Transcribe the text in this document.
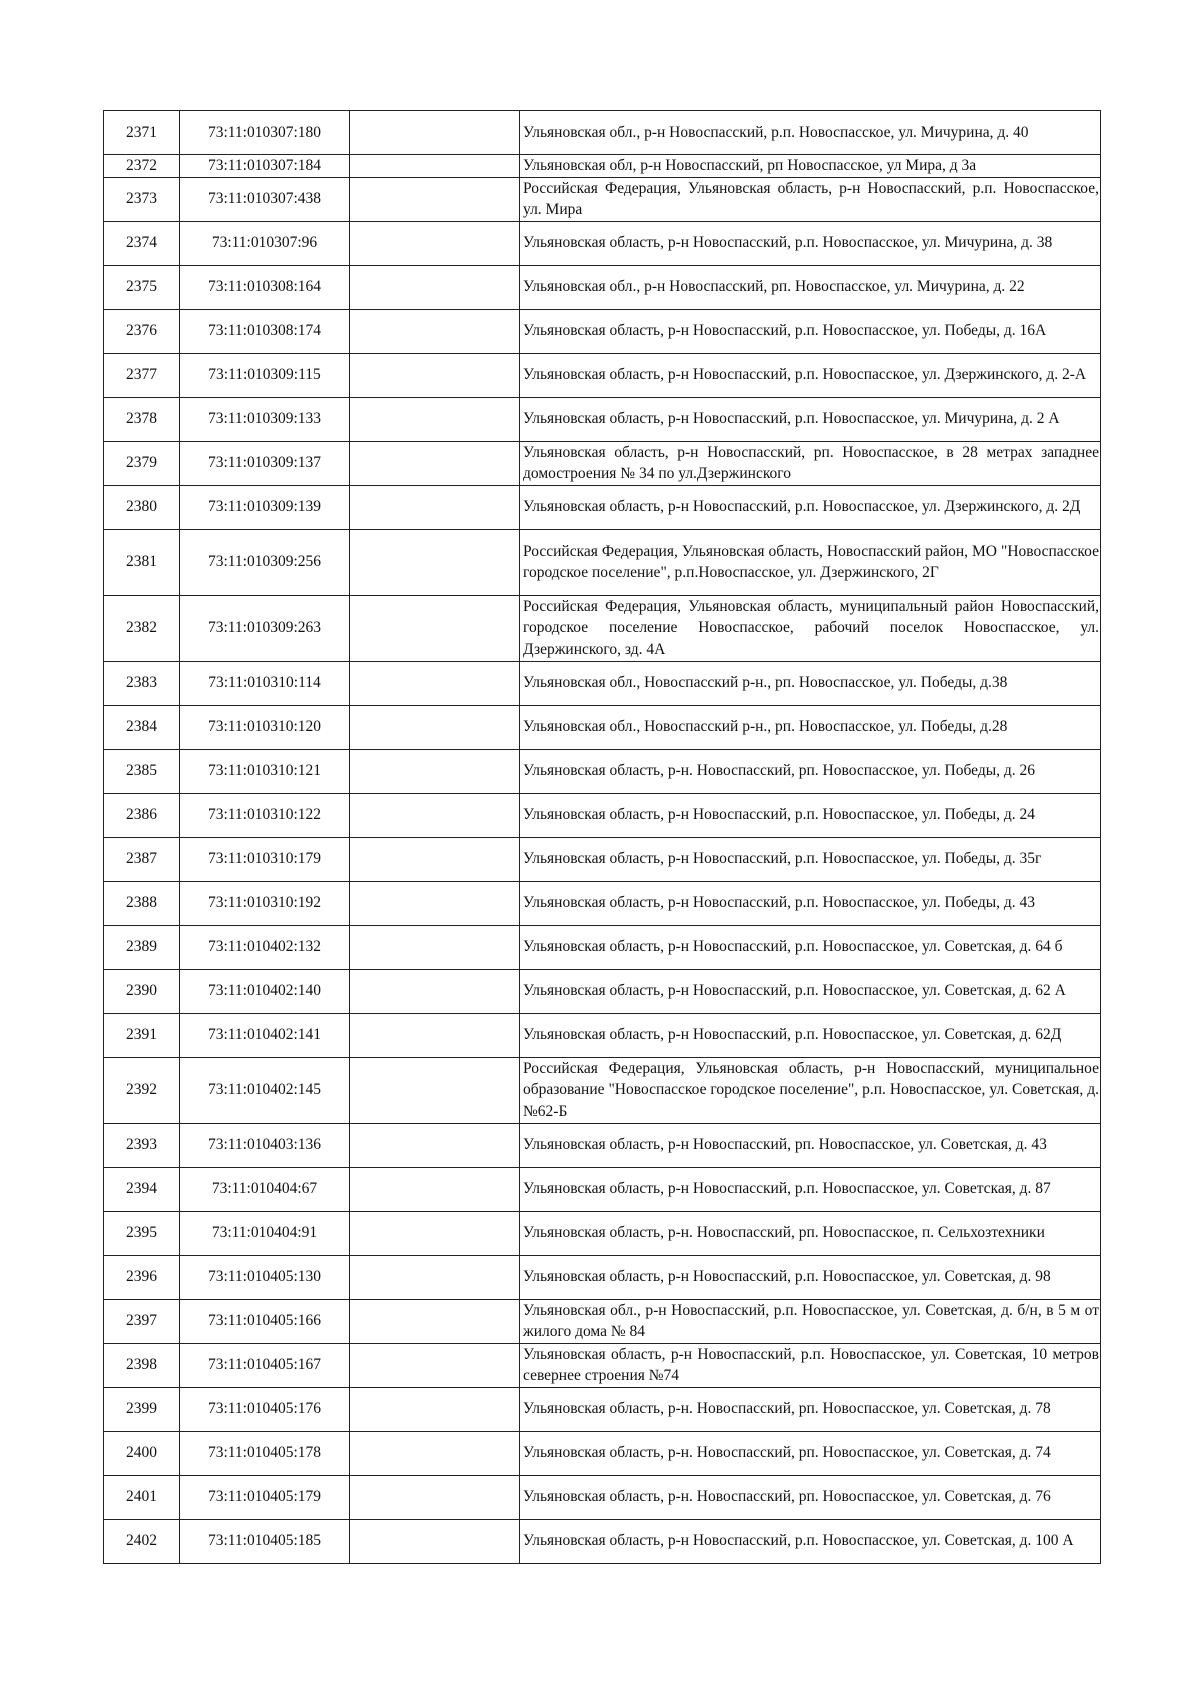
2371	73:11:010307:180		Ульяновская обл., р-н Новоспасский, р.п. Новоспасское, ул. Мичурина, д. 40
2372	73:11:010307:184		Ульяновская обл, р-н Новоспасский, рп Новоспасское, ул Мира, д 3а
2373	73:11:010307:438		Российская Федерация, Ульяновская область, р-н Новоспасский, р.п. Новоспасское, ул. Мира
2374	73:11:010307:96		Ульяновская область, р-н Новоспасский, р.п. Новоспасское, ул. Мичурина, д. 38
2375	73:11:010308:164		Ульяновская обл., р-н Новоспасский, рп. Новоспасское, ул. Мичурина, д. 22
2376	73:11:010308:174		Ульяновская область, р-н Новоспасский, р.п. Новоспасское, ул. Победы, д. 16А
2377	73:11:010309:115		Ульяновская область, р-н Новоспасский, р.п. Новоспасское, ул. Дзержинского, д. 2-А
2378	73:11:010309:133		Ульяновская область, р-н Новоспасский, р.п. Новоспасское, ул. Мичурина, д. 2 А
2379	73:11:010309:137		Ульяновская область, р-н Новоспасский, рп. Новоспасское, в 28 метрах западнее домостроения № 34 по ул.Дзержинского
2380	73:11:010309:139		Ульяновская область, р-н Новоспасский, р.п. Новоспасское, ул. Дзержинского, д. 2Д
2381	73:11:010309:256		Российская Федерация, Ульяновская область, Новоспасский район, МО "Новоспасское городское поселение", р.п.Новоспасское, ул. Дзержинского, 2Г
2382	73:11:010309:263		Российская Федерация, Ульяновская область, муниципальный район Новоспасский, городское поселение Новоспасское, рабочий поселок Новоспасское, ул. Дзержинского, зд. 4А
2383	73:11:010310:114		Ульяновская обл., Новоспасский р-н., рп. Новоспасское, ул. Победы, д.38
2384	73:11:010310:120		Ульяновская обл., Новоспасский р-н., рп. Новоспасское, ул. Победы, д.28
2385	73:11:010310:121		Ульяновская область, р-н. Новоспасский, рп. Новоспасское, ул. Победы, д. 26
2386	73:11:010310:122		Ульяновская область, р-н Новоспасский, р.п. Новоспасское, ул. Победы, д. 24
2387	73:11:010310:179		Ульяновская область, р-н Новоспасский, р.п. Новоспасское, ул. Победы, д. 35г
2388	73:11:010310:192		Ульяновская область, р-н Новоспасский, р.п. Новоспасское, ул. Победы, д. 43
2389	73:11:010402:132		Ульяновская область, р-н Новоспасский, р.п. Новоспасское, ул. Советская, д. 64 б
2390	73:11:010402:140		Ульяновская область, р-н Новоспасский, р.п. Новоспасское, ул. Советская, д. 62 А
2391	73:11:010402:141		Ульяновская область, р-н Новоспасский, р.п. Новоспасское, ул. Советская, д. 62Д
2392	73:11:010402:145		Российская Федерация, Ульяновская область, р-н Новоспасский, муниципальное образование "Новоспасское городское поселение", р.п. Новоспасское, ул. Советская, д.№62-Б
2393	73:11:010403:136		Ульяновская область, р-н Новоспасский, рп. Новоспасское, ул. Советская, д. 43
2394	73:11:010404:67		Ульяновская область, р-н Новоспасский, р.п. Новоспасское, ул. Советская, д. 87
2395	73:11:010404:91		Ульяновская область, р-н. Новоспасский, рп. Новоспасское, п. Сельхозтехники
2396	73:11:010405:130		Ульяновская область, р-н Новоспасский, р.п. Новоспасское, ул. Советская, д. 98
2397	73:11:010405:166		Ульяновская обл., р-н Новоспасский, р.п. Новоспасское, ул. Советская, д. б/н, в 5 м от жилого дома № 84
2398	73:11:010405:167		Ульяновская область, р-н Новоспасский, р.п. Новоспасское, ул. Советская, 10 метров севернее строения №74
2399	73:11:010405:176		Ульяновская область, р-н. Новоспасский, рп. Новоспасское, ул. Советская, д. 78
2400	73:11:010405:178		Ульяновская область, р-н. Новоспасский, рп. Новоспасское, ул. Советская, д. 74
2401	73:11:010405:179		Ульяновская область, р-н. Новоспасский, рп. Новоспасское, ул. Советская, д. 76
2402	73:11:010405:185		Ульяновская область, р-н Новоспасский, р.п. Новоспасское, ул. Советская, д. 100 А
